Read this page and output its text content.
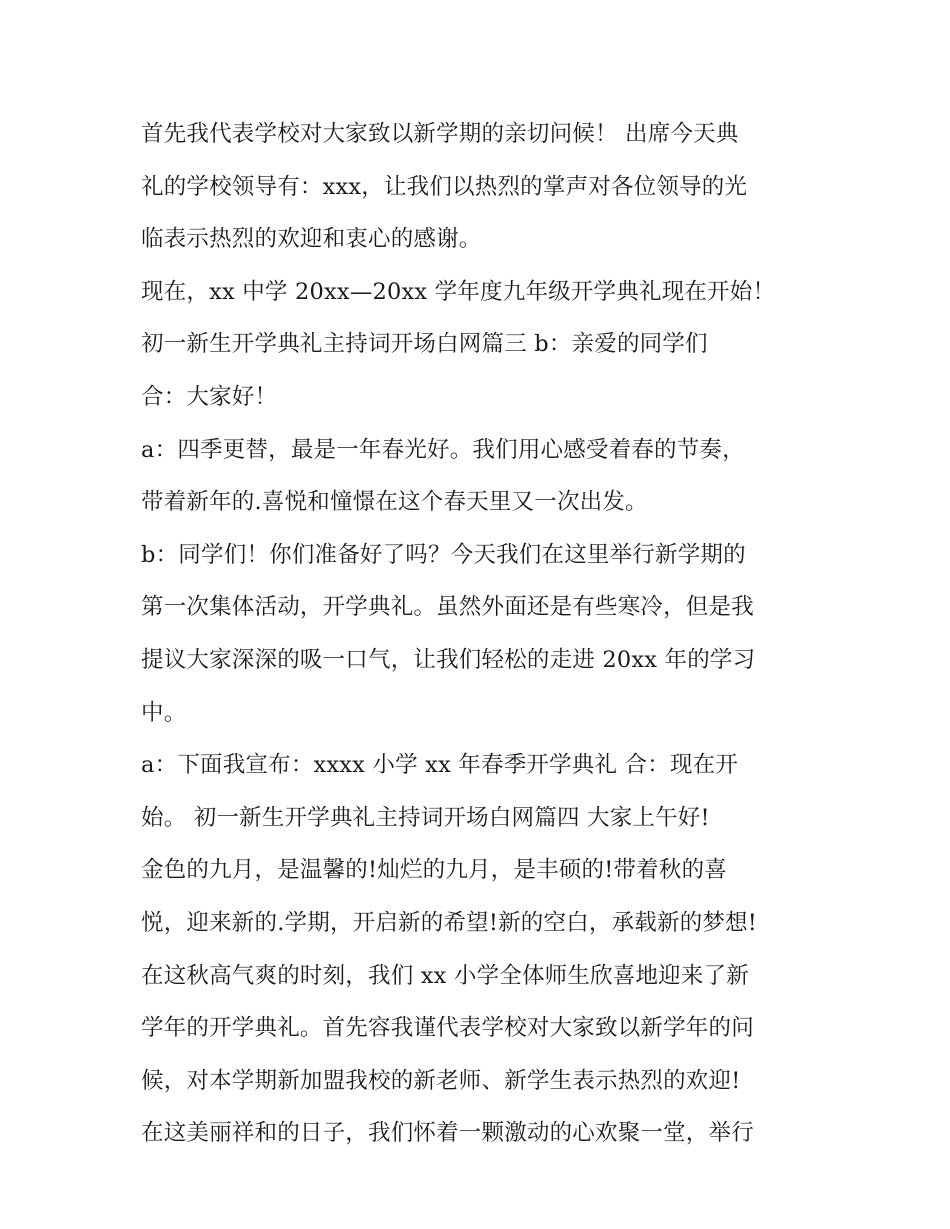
首先我代表学校对大家致以新学期的亲切问候！ 出席今天典
礼的学校领导有：xxx，让我们以热烈的掌声对各位领导的光
临表示热烈的欢迎和衷心的感谢。
现在，xx 中学 20xx—20xx 学年度九年级开学典礼现在开始！
初一新生开学典礼主持词开场白网篇三 b：亲爱的同学们
合：大家好！
a：四季更替，最是一年春光好。我们用心感受着春的节奏，
带着新年的.喜悦和憧憬在这个春天里又一次出发。
b：同学们！你们准备好了吗？今天我们在这里举行新学期的
第一次集体活动，开学典礼。虽然外面还是有些寒冷，但是我
提议大家深深的吸一口气，让我们轻松的走进 20xx 年的学习
中。
a：下面我宣布：xxxx 小学 xx 年春季开学典礼 合：现在开
始。 初一新生开学典礼主持词开场白网篇四 大家上午好!
金色的九月，是温馨的!灿烂的九月，是丰硕的!带着秋的喜
悦，迎来新的.学期，开启新的希望!新的空白，承载新的梦想!
在这秋高气爽的时刻，我们 xx 小学全体师生欣喜地迎来了新
学年的开学典礼。首先容我谨代表学校对大家致以新学年的问
候，对本学期新加盟我校的新老师、新学生表示热烈的欢迎!
在这美丽祥和的日子，我们怀着一颗激动的心欢聚一堂，举行
